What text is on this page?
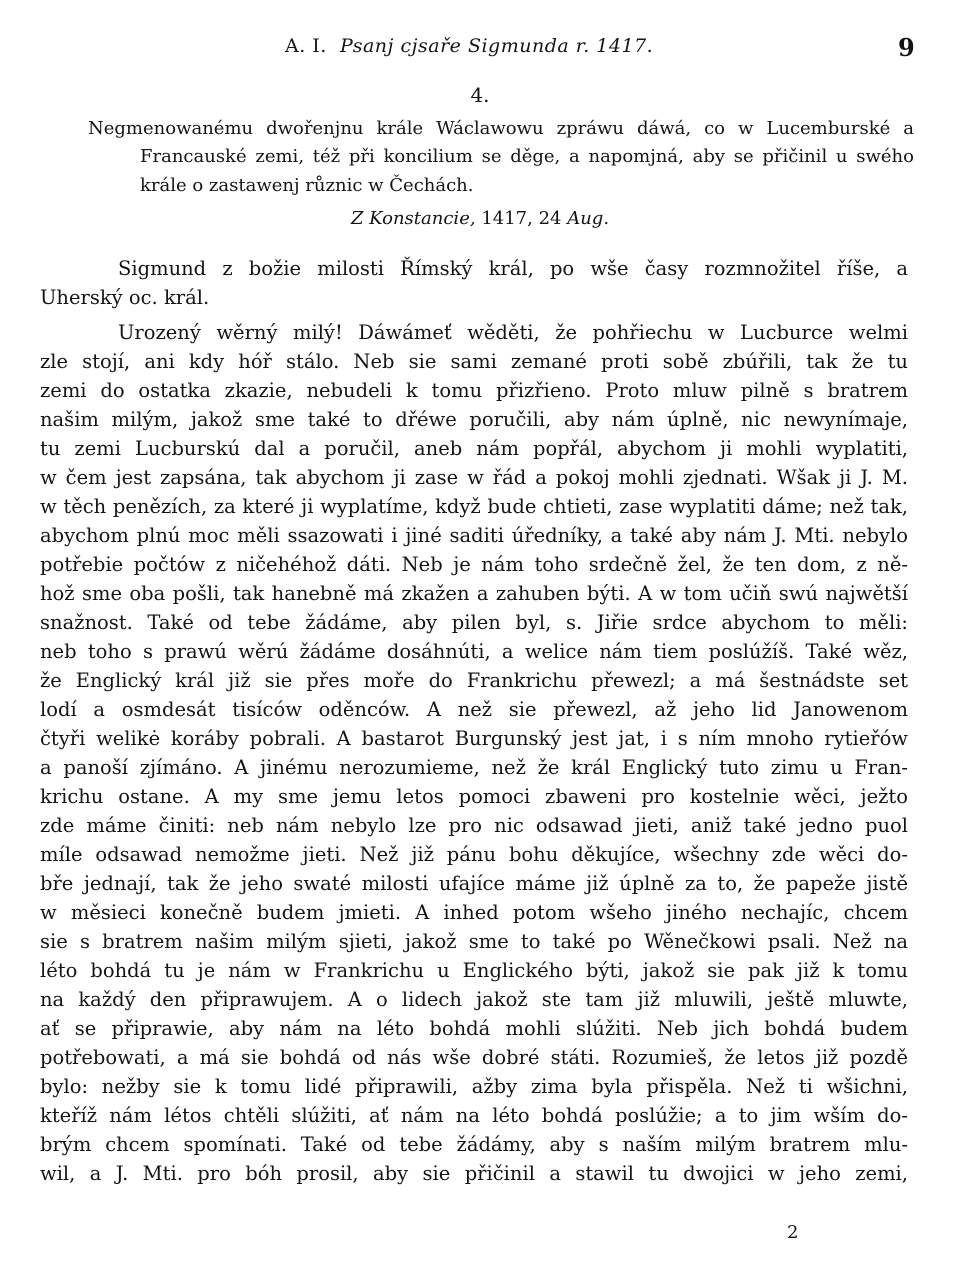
A. I. Psanj cjsaře Sigmunda r. 1417.	9
4.
Negmenowanému dwořenjnu krále Wáclawowu zpráwu dáwá, co w Lucemburské a
Francauské zemi, též při koncilium se děge, a napomjná, aby se přičinil u swého
krále o zastawenj různic w Čechách.
Z Konstancie, 1417, 24 Aug.
Sigmund z božie milosti Římský král, po wše časy rozmnožitel říše, a
Uherský oc. král.
Urozený wěrný milý! Dáwámeť wěděti, že pohřiechu w Lucburce welmi
zle stojí, ani kdy hóř stálo. Neb sie sami zemané proti sobě zbúřili, tak že tu
zemi do ostatka zkazie, nebudeli k tomu přizřieno. Proto mluw pilně s bratrem
našim milým, jakož sme také to dřéwe poručili, aby nám úplně, nic newynímaje,
tu zemi Lucburskú dal a poručil, aneb nám popřál, abychom ji mohli wyplatiti,
w čem jest zapsána, tak abychom ji zase w řád a pokoj mohli zjednati. Wšak ji J. M.
w těch penězích, za které ji wyplatíme, když bude chtieti, zase wyplatiti dáme; než tak,
abychom plnú moc měli ssazowati i jiné saditi úředníky, a také aby nám J. Mti. nebylo
potřebie počtów z ničehéhož dáti. Neb je nám toho srdečně žel, že ten dom, z ně-
hož sme oba pošli, tak hanebně má zkažen a zahuben býti. A w tom učiň swú najwětší
snažnost. Také od tebe žádáme, aby pilen byl, s. Jiřie srdce abychom to měli:
neb toho s prawú wěrú žádáme dosáhnúti, a welice nám tiem poslúžíš. Také wěz,
že Englický král již sie přes moře do Frankrichu přewezl; a má šestnádste set
lodí a osmdesát tisíców oděnców. A než sie přewezl, až jeho lid Janowenom
čtyři welikė koráby pobrali. A bastarot Burgunský jest jat, i s ním mnoho rytieřów
a panoší zjímáno. A jinému nerozumieme, než že král Englický tuto zimu u Fran-
krichu ostane. A my sme jemu letos pomoci zbaweni pro kostelnie wěci, ježto
zde máme činiti: neb nám nebylo lze pro nic odsawad jieti, aniž také jedno puol
míle odsawad nemožme jieti. Než již pánu bohu děkujíce, wšechny zde wěci do-
bře jednají, tak že jeho swaté milosti ufajíce máme již úplně za to, že papeže jistě
w měsieci konečně budem jmieti. A inhed potom wšeho jiného nechajíc, chcem
sie s bratrem našim milým sjieti, jakož sme to také po Wěnečkowi psali. Než na
léto bohdá tu je nám w Frankrichu u Englického býti, jakož sie pak již k tomu
na každý den připrawujem. A o lidech jakož ste tam již mluwili, ještě mluwte,
ať se připrawie, aby nám na léto bohdá mohli slúžiti. Neb jich bohdá budem
potřebowati, a má sie bohdá od nás wše dobré státi. Rozumieš, že letos již pozdě
bylo: nežby sie k tomu lidé připrawili, ažby zima byla přispěla. Než ti wšichni,
kteříž nám létos chtěli slúžiti, ať nám na léto bohdá poslúžie; a to jim wším do-
brým chcem spomínati. Také od tebe žádámy, aby s naším milým bratrem mlu-
wil, a J. Mti. pro bóh prosil, aby sie přičinil a stawil tu dwojici w jeho zemi,
2
